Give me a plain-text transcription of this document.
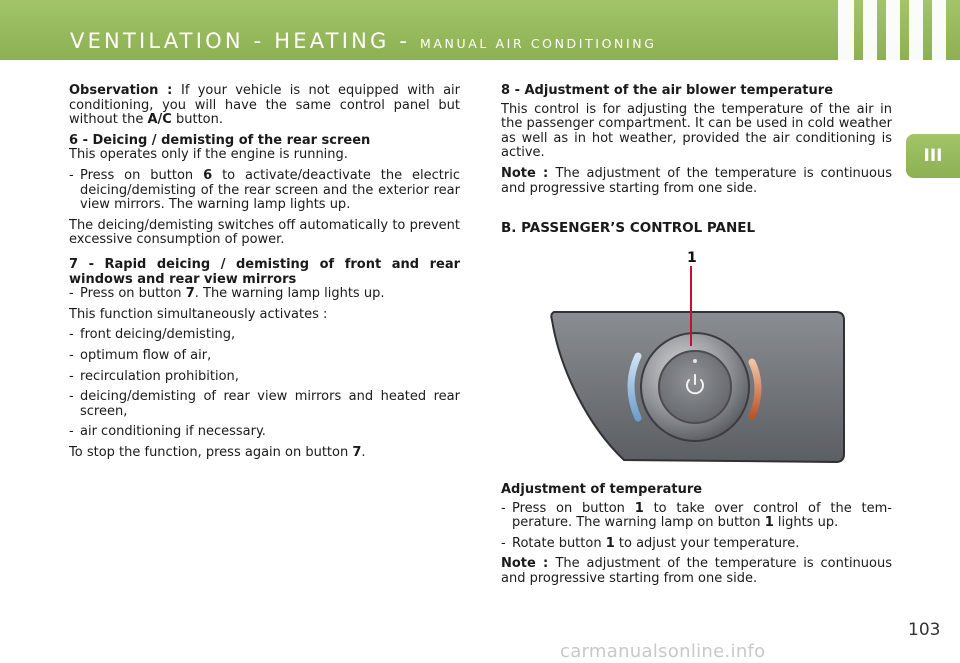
VENTILATION - HEATING - MANUAL AIR CONDITIONING
III

Observation : If your vehicle is not equipped with air conditioning, you will have the same control panel but without the A/C button.

6 - Deicing / demisting of the rear screen

This operates only if the engine is running.

- Press on button 6 to activate/deactivate the electric deicing/demisting of the rear screen and the exterior rear view mirrors. The warning lamp lights up.

The deicing/demisting switches off automatically to prevent excessive consumption of power.

7 - Rapid deicing / demisting of front and rear windows and rear view mirrors

- Press on button 7. The warning lamp lights up.

This function simultaneously activates :

- front deicing/demisting,
- optimum flow of air,
- recirculation prohibition,
- deicing/demisting of rear view mirrors and heated rear screen,
- air conditioning if necessary.

To stop the function, press again on button 7.

8 - Adjustment of the air blower temperature

This control is for adjusting the temperature of the air in the passenger compartment. It can be used in cold weather as well as in hot weather, provided the air conditioning is active.

Note : The adjustment of the temperature is continuous and progressive starting from one side.

B. PASSENGER’S CONTROL PANEL

1

Adjustment of temperature

- Press on button 1 to take over control of the tem-perature. The warning lamp on button 1 lights up.
- Rotate button 1 to adjust your temperature.

Note : The adjustment of the temperature is continuous and progressive starting from one side.

103
carmanualsonline.info
